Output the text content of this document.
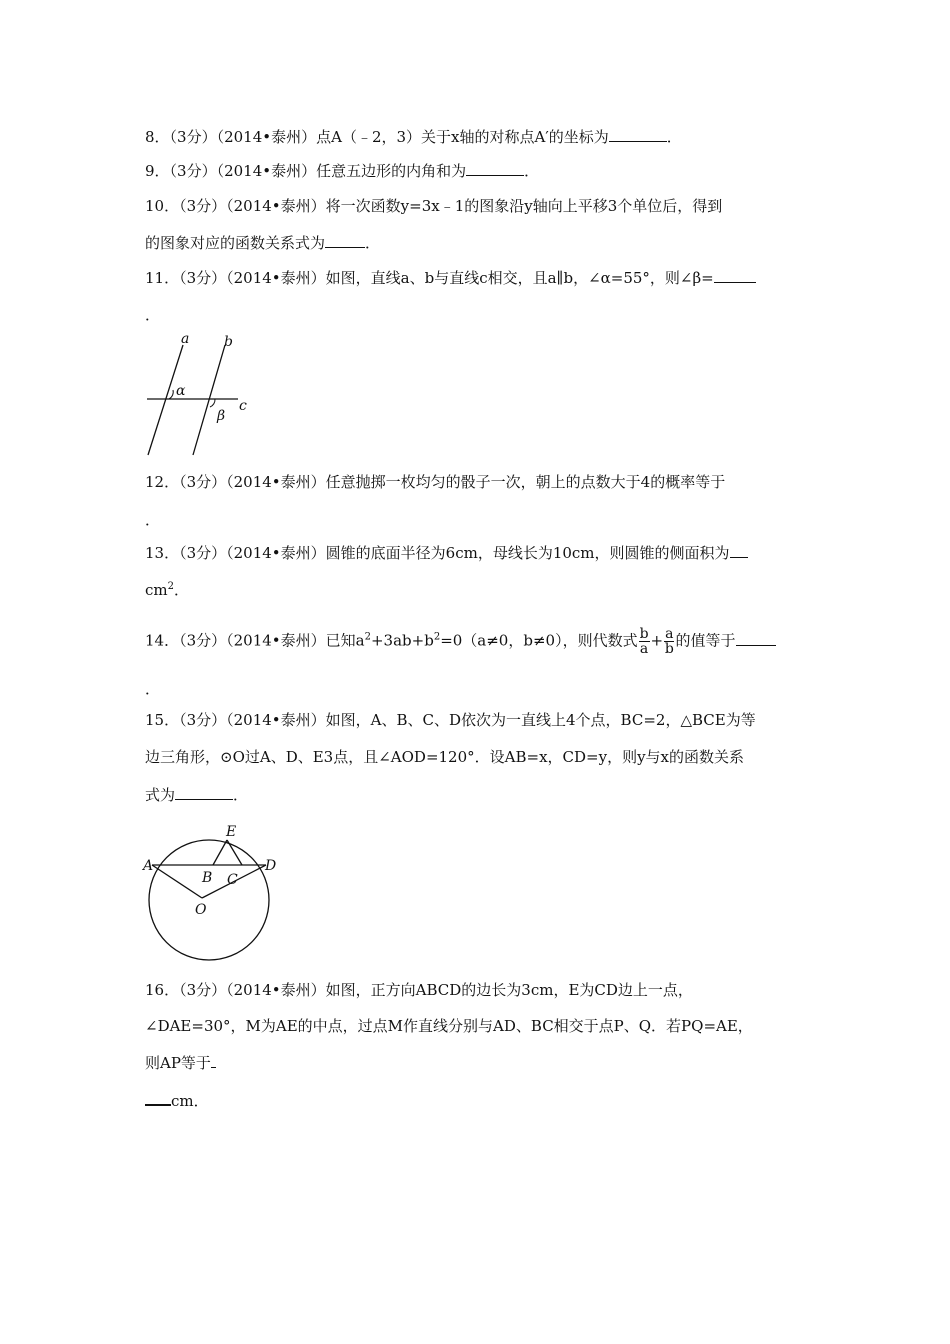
8．（3分）（2014•泰州）点A（﹣2，3）关于x轴的对称点A′的坐标为	．
9．（3分）（2014•泰州）任意五边形的内角和为	．
10．（3分）（2014•泰州）将一次函数y=3x﹣1的图象沿y轴向上平移3个单位后，得到
的图象对应的函数关系式为	．
11．（3分）（2014•泰州）如图，直线a、b与直线c相交，且a∥b，∠α=55°，则∠β=
．
a b
α
β
c
12．（3分）（2014•泰州）任意抛掷一枚均匀的骰子一次，朝上的点数大于4的概率等于
．
13．（3分）（2014•泰州）圆锥的底面半径为6cm，母线长为10cm，则圆锥的侧面积为
$cm^2$．
14．（3分）（2014•泰州）已知$a^2+3ab+b^2=0(a\ne 0$，b≠0），则代数式 $\frac{b}{a} + \frac{a}{b}$ 的值等于
．
15．（3分）（2014•泰州）如图，A、B、C、D依次为一直线上4个点，BC=2，△BCE为等
边三角形，⊙O过A、D、E3点，且∠AOD=120°．设AB=x，CD=y，则y与x的函数关系
式为	．
A
B C
D
E
O
16．（3分）（2014•泰州）如图，正方向ABCD的边长为3cm，E为CD边上一点，
∠DAE=30°，M为AE的中点，过点M作直线分别与AD、BC相交于点P、Q．若PQ=AE，
则AP等于
cm．
